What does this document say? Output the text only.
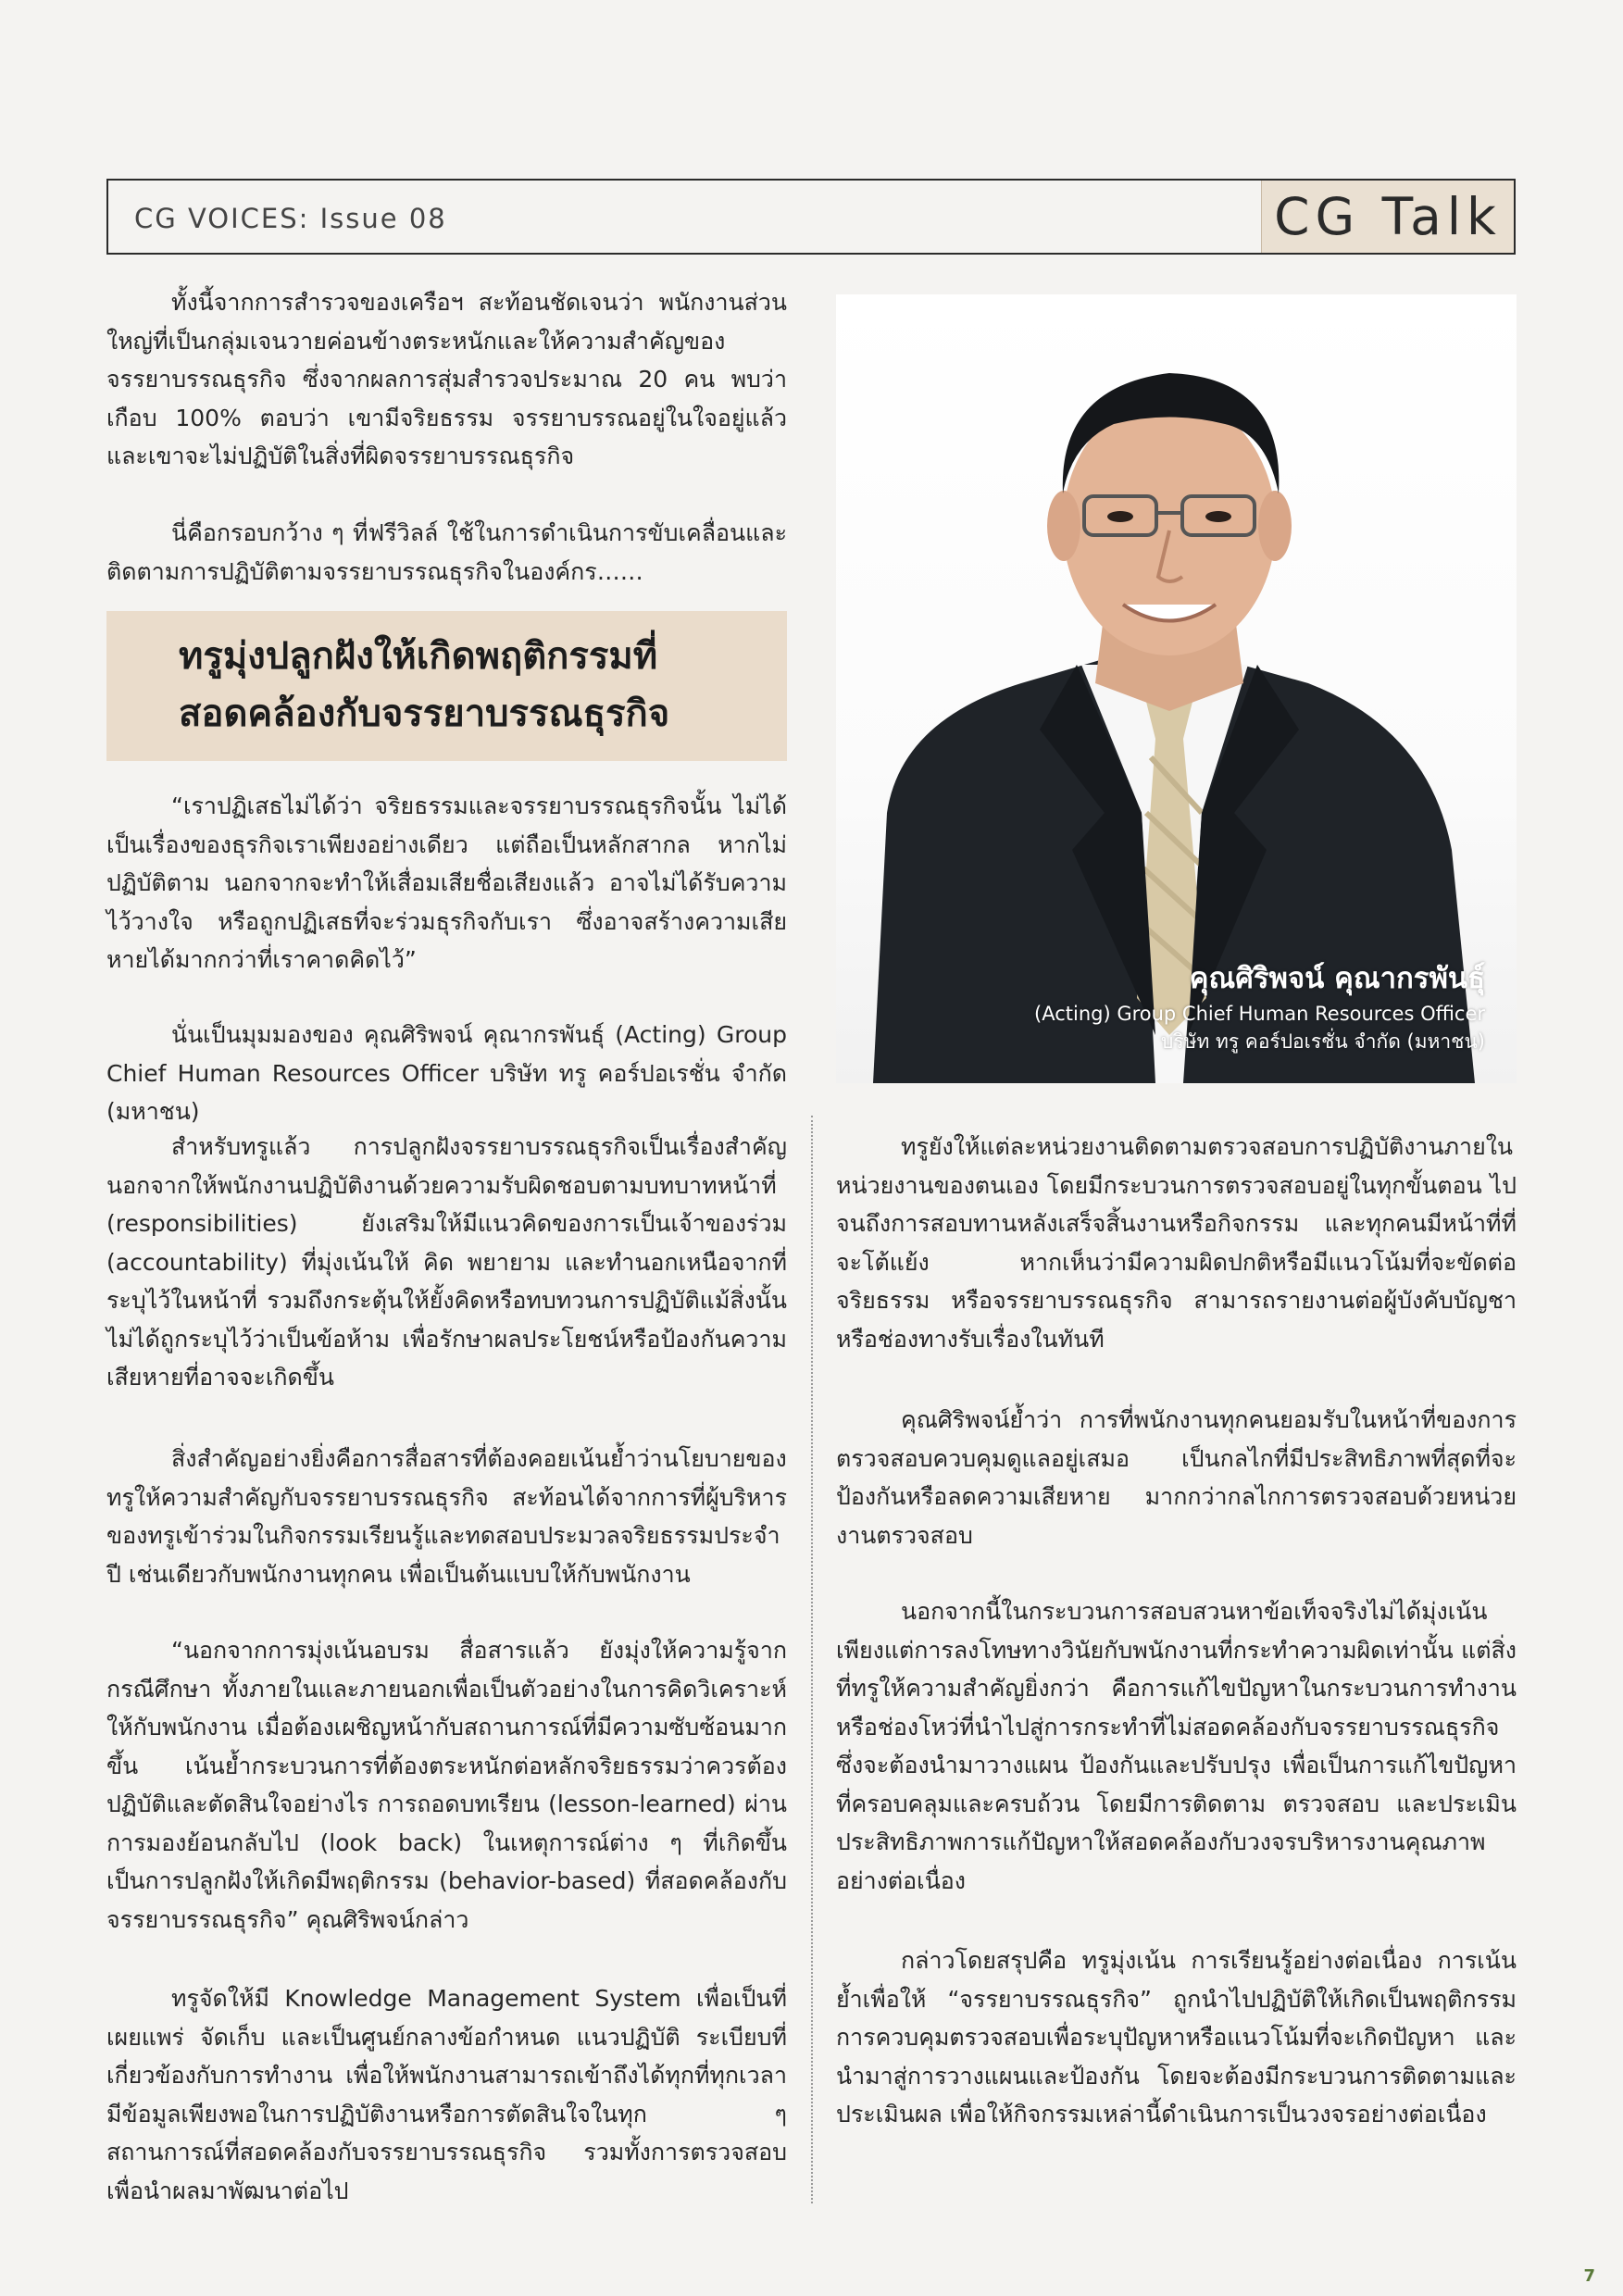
CG VOICES: Issue 08	CG Talk

ทั้งนี้จากการสำรวจของเครือฯ สะท้อนชัดเจนว่า พนักงานส่วนใหญ่ที่เป็นกลุ่มเจนวายค่อนข้างตระหนักและให้ความสำคัญของจรรยาบรรณธุรกิจ ซึ่งจากผลการสุ่มสำรวจประมาณ 20 คน พบว่า เกือบ 100% ตอบว่า เขามีจริยธรรม จรรยาบรรณอยู่ในใจอยู่แล้ว และเขาจะไม่ปฏิบัติในสิ่งที่ผิดจรรยาบรรณธุรกิจ

นี่คือกรอบกว้าง ๆ ที่ฟรีวิลล์ ใช้ในการดำเนินการขับเคลื่อนและติดตามการปฏิบัติตามจรรยาบรรณธุรกิจในองค์กร……

ทรูมุ่งปลูกฝังให้เกิดพฤติกรรมที่สอดคล้องกับจรรยาบรรณธุรกิจ

“เราปฏิเสธไม่ได้ว่า จริยธรรมและจรรยาบรรณธุรกิจนั้น ไม่ได้เป็นเรื่องของธุรกิจเราเพียงอย่างเดียว แต่ถือเป็นหลักสากล หากไม่ปฏิบัติตาม นอกจากจะทำให้เสื่อมเสียชื่อเสียงแล้ว อาจไม่ได้รับความไว้วางใจ หรือถูกปฏิเสธที่จะร่วมธุรกิจกับเรา ซึ่งอาจสร้างความเสียหายได้มากกว่าที่เราคาดคิดไว้”

นั่นเป็นมุมมองของ คุณศิริพจน์ คุณากรพันธุ์ (Acting) Group Chief Human Resources Officer บริษัท ทรู คอร์ปอเรชั่น จำกัด (มหาชน)

คุณศิริพจน์ คุณากรพันธุ์
(Acting) Group Chief Human Resources Officer
บริษัท ทรู คอร์ปอเรชั่น จำกัด (มหาชน)

สำหรับทรูแล้ว การปลูกฝังจรรยาบรรณธุรกิจเป็นเรื่องสำคัญ นอกจากให้พนักงานปฏิบัติงานด้วยความรับผิดชอบตามบทบาทหน้าที่ (responsibilities) ยังเสริมให้มีแนวคิดของการเป็นเจ้าของร่วม (accountability) ที่มุ่งเน้นให้ คิด พยายาม และทำนอกเหนือจากที่ระบุไว้ในหน้าที่ รวมถึงกระตุ้นให้ยั้งคิดหรือทบทวนการปฏิบัติแม้สิ่งนั้นไม่ได้ถูกระบุไว้ว่าเป็นข้อห้าม เพื่อรักษาผลประโยชน์หรือป้องกันความเสียหายที่อาจจะเกิดขึ้น

สิ่งสำคัญอย่างยิ่งคือการสื่อสารที่ต้องคอยเน้นย้ำว่านโยบายของทรูให้ความสำคัญกับจรรยาบรรณธุรกิจ สะท้อนได้จากการที่ผู้บริหารของทรูเข้าร่วมในกิจกรรมเรียนรู้และทดสอบประมวลจริยธรรมประจำปี เช่นเดียวกับพนักงานทุกคน เพื่อเป็นต้นแบบให้กับพนักงาน

“นอกจากการมุ่งเน้นอบรม สื่อสารแล้ว ยังมุ่งให้ความรู้จากกรณีศึกษา ทั้งภายในและภายนอกเพื่อเป็นตัวอย่างในการคิดวิเคราะห์ให้กับพนักงาน เมื่อต้องเผชิญหน้ากับสถานการณ์ที่มีความซับซ้อนมากขึ้น เน้นย้ำกระบวนการที่ต้องตระหนักต่อหลักจริยธรรมว่าควรต้องปฏิบัติและตัดสินใจอย่างไร การถอดบทเรียน (lesson-learned) ผ่านการมองย้อนกลับไป (look back) ในเหตุการณ์ต่าง ๆ ที่เกิดขึ้น เป็นการปลูกฝังให้เกิดมีพฤติกรรม (behavior-based) ที่สอดคล้องกับจรรยาบรรณธุรกิจ” คุณศิริพจน์กล่าว

ทรูจัดให้มี Knowledge Management System เพื่อเป็นที่เผยแพร่ จัดเก็บ และเป็นศูนย์กลางข้อกำหนด แนวปฏิบัติ ระเบียบที่เกี่ยวข้องกับการทำงาน เพื่อให้พนักงานสามารถเข้าถึงได้ทุกที่ทุกเวลา มีข้อมูลเพียงพอในการปฏิบัติงานหรือการตัดสินใจในทุก ๆ สถานการณ์ที่สอดคล้องกับจรรยาบรรณธุรกิจ รวมทั้งการตรวจสอบเพื่อนำผลมาพัฒนาต่อไป

ทรูยังให้แต่ละหน่วยงานติดตามตรวจสอบการปฏิบัติงานภายในหน่วยงานของตนเอง โดยมีกระบวนการตรวจสอบอยู่ในทุกขั้นตอน ไปจนถึงการสอบทานหลังเสร็จสิ้นงานหรือกิจกรรม และทุกคนมีหน้าที่ที่จะโต้แย้ง หากเห็นว่ามีความผิดปกติหรือมีแนวโน้มที่จะขัดต่อจริยธรรม หรือจรรยาบรรณธุรกิจ สามารถรายงานต่อผู้บังคับบัญชาหรือช่องทางรับเรื่องในทันที

คุณศิริพจน์ย้ำว่า การที่พนักงานทุกคนยอมรับในหน้าที่ของการตรวจสอบควบคุมดูแลอยู่เสมอ เป็นกลไกที่มีประสิทธิภาพที่สุดที่จะป้องกันหรือลดความเสียหาย มากกว่ากลไกการตรวจสอบด้วยหน่วยงานตรวจสอบ

นอกจากนี้ในกระบวนการสอบสวนหาข้อเท็จจริงไม่ได้มุ่งเน้นเพียงแต่การลงโทษทางวินัยกับพนักงานที่กระทำความผิดเท่านั้น แต่สิ่งที่ทรูให้ความสำคัญยิ่งกว่า คือการแก้ไขปัญหาในกระบวนการทำงาน หรือช่องโหว่ที่นำไปสู่การกระทำที่ไม่สอดคล้องกับจรรยาบรรณธุรกิจ ซึ่งจะต้องนำมาวางแผน ป้องกันและปรับปรุง เพื่อเป็นการแก้ไขปัญหาที่ครอบคลุมและครบถ้วน โดยมีการติดตาม ตรวจสอบ และประเมินประสิทธิภาพการแก้ปัญหาให้สอดคล้องกับวงจรบริหารงานคุณภาพอย่างต่อเนื่อง

กล่าวโดยสรุปคือ ทรูมุ่งเน้น การเรียนรู้อย่างต่อเนื่อง การเน้นย้ำเพื่อให้ “จรรยาบรรณธุรกิจ” ถูกนำไปปฏิบัติให้เกิดเป็นพฤติกรรมการควบคุมตรวจสอบเพื่อระบุปัญหาหรือแนวโน้มที่จะเกิดปัญหา และนำมาสู่การวางแผนและป้องกัน โดยจะต้องมีกระบวนการติดตามและประเมินผล เพื่อให้กิจกรรมเหล่านี้ดำเนินการเป็นวงจรอย่างต่อเนื่อง

7
